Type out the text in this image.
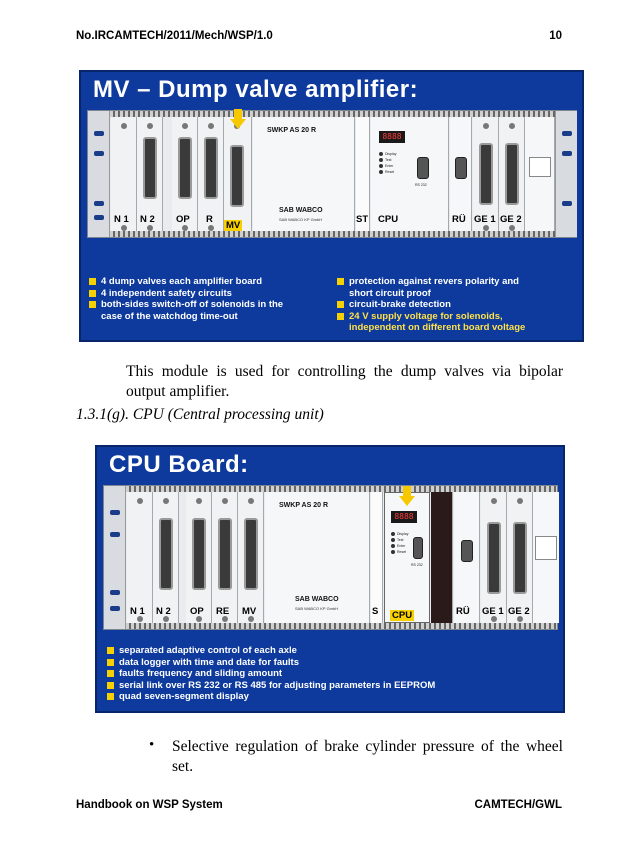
No.IRCAMTECH/2011/Mech/WSP/1.0	10
MV – Dump valve amplifier:
SWKP AS 20 R
SAB WABCO
SAB WABCO KP GmbH
8888
Display
Test
Enter
Reset
RS 232
N 1 N 2 OP R
MV
ST CPU	RÜ GE 1 GE 2
4 dump valves each amplifier board
4 independent safety circuits
both-sides switch-off of solenoids in the
case of the watchdog time-out
protection against revers polarity and
short circuit proof
circuit-brake detection
24 V supply voltage for solenoids,
independent on different board voltage
This module is used for controlling the dump valves via bipolar output amplifier.
1.3.1(g). CPU (Central processing unit)
CPU Board:
SWKP AS 20 R
SAB WABCO
SAB WABCO KP GmbH
8888
Display
Test
Enter
Reset
RS 232
N 1 N 2 OP RE MV	S CPU	RÜ GE 1 GE 2
separated adaptive control of each axle
data logger with time and date for faults
faults frequency and sliding amount
serial link over RS 232 or RS 485 for adjusting parameters in EEPROM
quad seven-segment display
• Selective regulation of brake cylinder pressure of the wheel set.
Handbook on WSP System	CAMTECH/GWL
